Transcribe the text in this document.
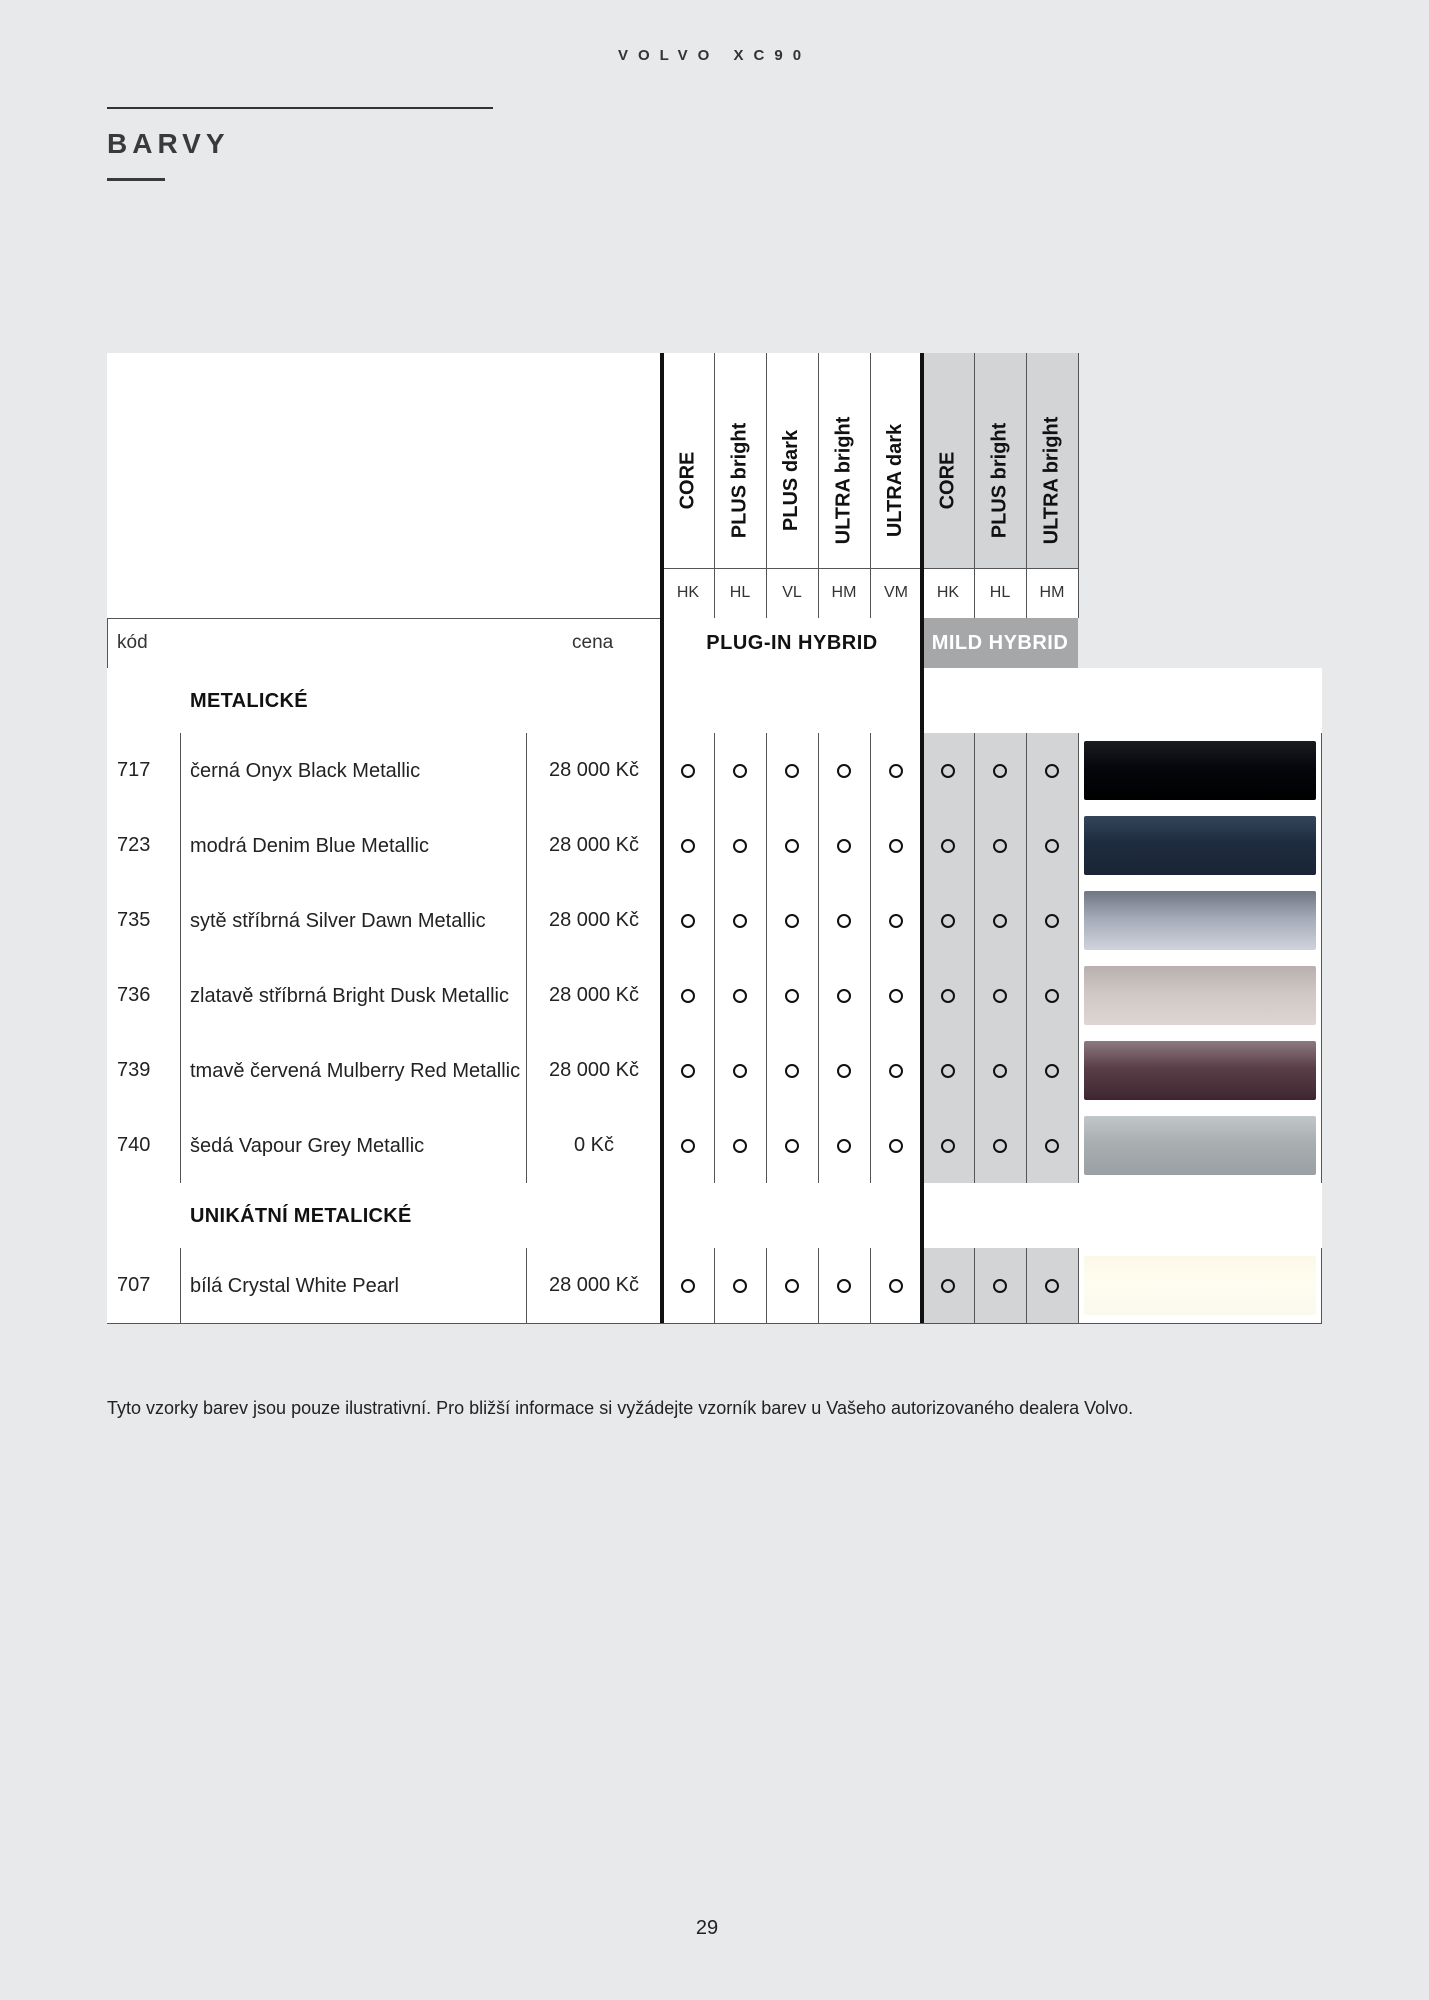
VOLVO XC90
BARVY
CORE
HK
PLUS bright
HL
PLUS dark
VL
ULTRA bright
HM
ULTRA dark
VM
CORE
HK
PLUS bright
HL
ULTRA bright
HM
kód	cena	PLUG-IN HYBRID	MILD HYBRID
METALICKÉ
717 černá Onyx Black Metallic	28 000 Kč
723 modrá Denim Blue Metallic	28 000 Kč
735 sytě stříbrná Silver Dawn Metallic	28 000 Kč
736 zlatavě stříbrná Bright Dusk Metallic	28 000 Kč
739 tmavě červená Mulberry Red Metallic	28 000 Kč
740 šedá Vapour Grey Metallic	0 Kč
UNIKÁTNÍ METALICKÉ
707 bílá Crystal White Pearl	28 000 Kč
Tyto vzorky barev jsou pouze ilustrativní. Pro bližší informace si vyžádejte vzorník barev u Vašeho autorizovaného dealera Volvo.
29
